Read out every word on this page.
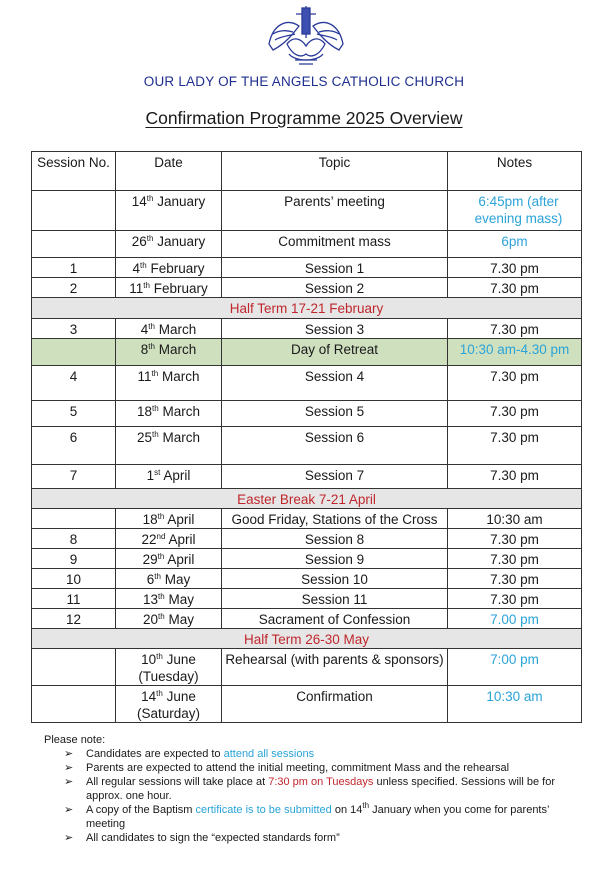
OUR LADY OF THE ANGELS CATHOLIC CHURCH
Confirmation Programme 2025 Overview
Session No.	Date	Topic	Notes
	14th January	Parents’ meeting	6:45pm (after evening mass)
	26th January	Commitment mass	6pm
1	4th February	Session 1	7.30 pm
2	11th February	Session 2	7.30 pm
Half Term 17-21 February			
3	4th March	Session 3	7.30 pm
	8th March	Day of Retreat	10:30 am-4.30 pm
4	11th March	Session 4	7.30 pm
5	18th March	Session 5	7.30 pm
6	25th March	Session 6	7.30 pm
7	1st April	Session 7	7.30 pm
Easter Break 7-21 April			
	18th April	Good Friday, Stations of the Cross	10:30 am
8	22nd April	Session 8	7.30 pm
9	29th April	Session 9	7.30 pm
10	6th May	Session 10	7.30 pm
11	13th May	Session 11	7.30 pm
12	20th May	Sacrament of Confession	7.00 pm
Half Term 26-30 May			
	10th June
(Tuesday)	Rehearsal (with parents & sponsors)	7:00 pm
	14th June
(Saturday)	Confirmation	10:30 am
Please note:
➢ Candidates are expected to attend all sessions
➢ Parents are expected to attend the initial meeting, commitment Mass and the rehearsal
➢ All regular sessions will take place at 7:30 pm on Tuesdays unless specified. Sessions will be for approx. one hour.
➢ A copy of the Baptism certificate is to be submitted on 14th January when you come for parents’ meeting
➢ All candidates to sign the “expected standards form”
